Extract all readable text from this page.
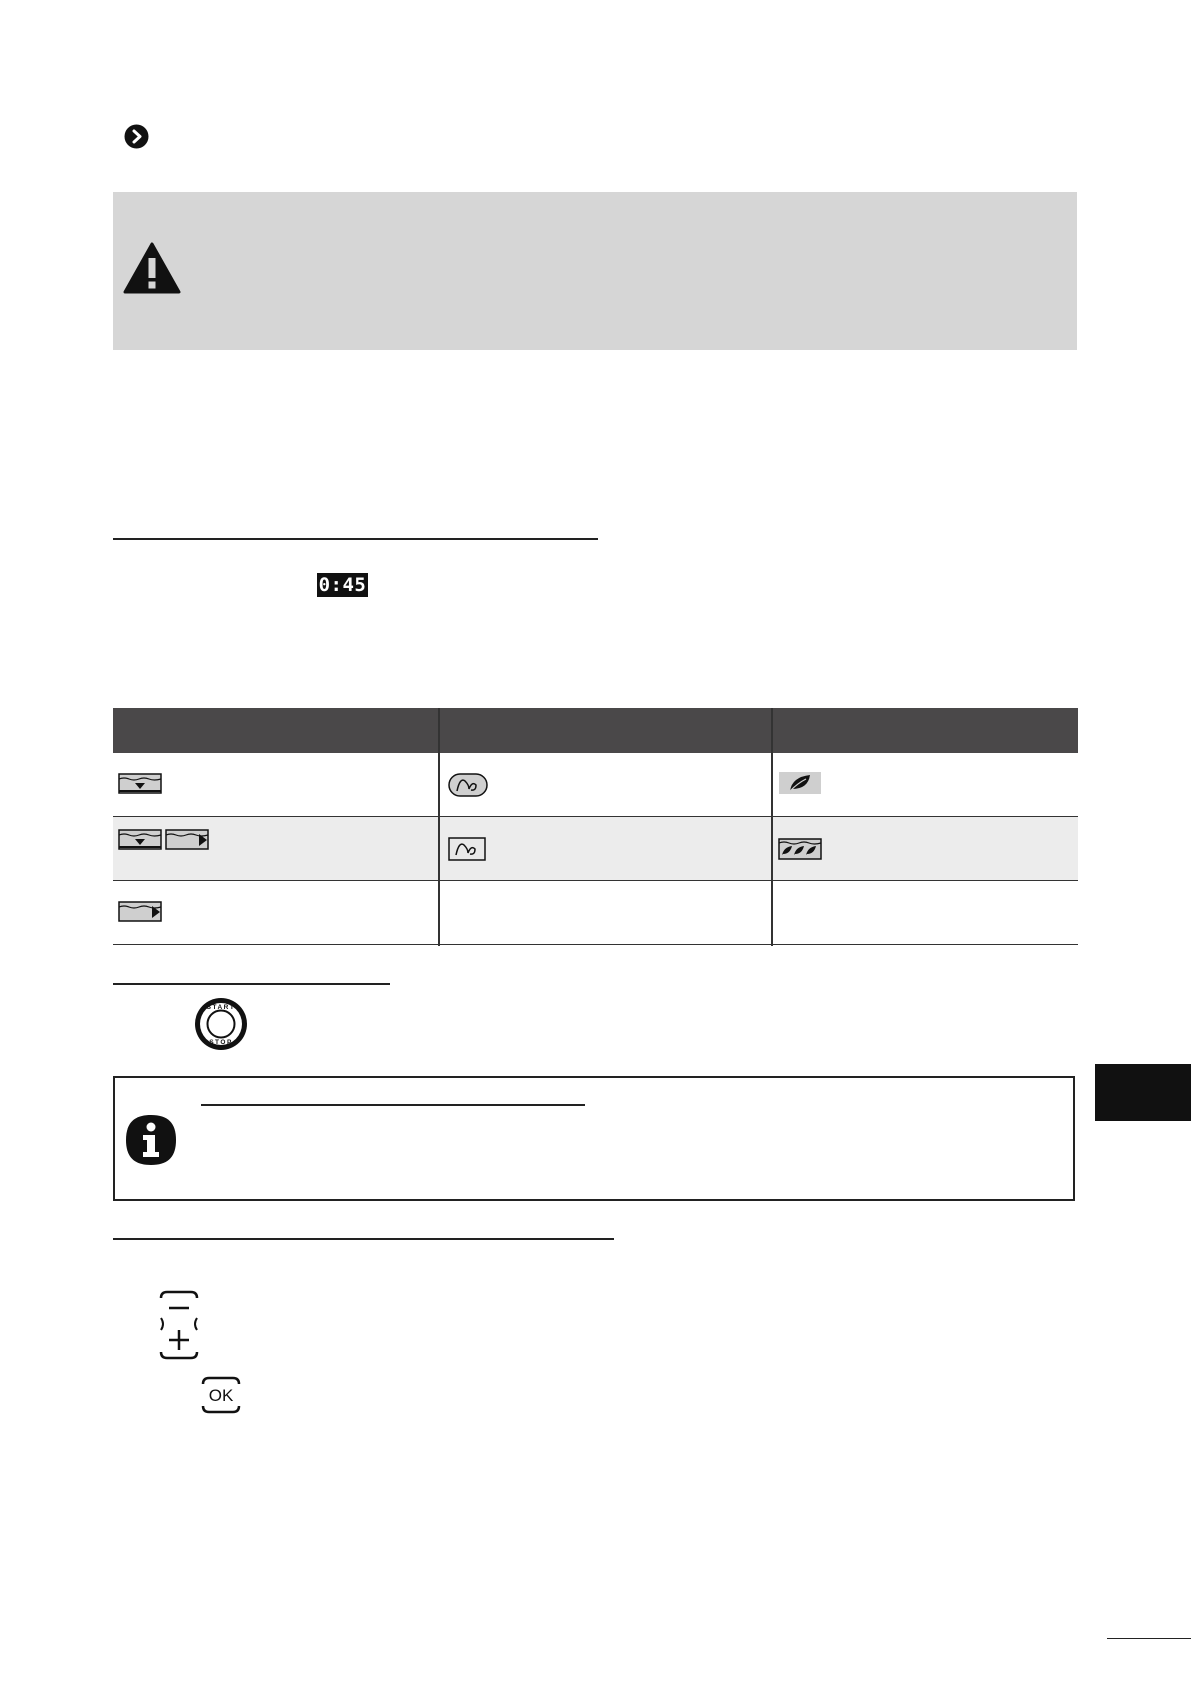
0:45
START
STOP
OK
